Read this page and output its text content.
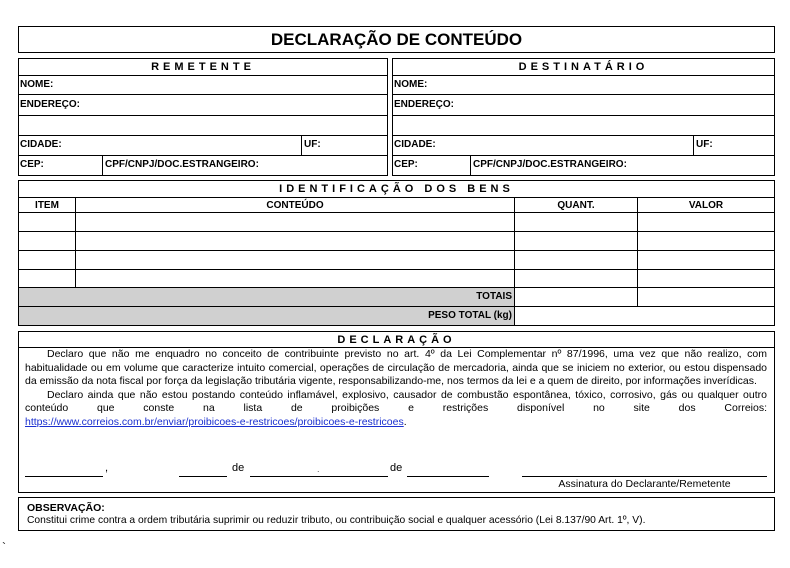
DECLARAÇÃO DE CONTEÚDO
REMETENTE
NOME:
ENDEREÇO:
CIDADE:	UF:
CEP:	CPF/CNPJ/DOC.ESTRANGEIRO:
DESTINATÁRIO
NOME:
ENDEREÇO:
CIDADE:	UF:
CEP:	CPF/CNPJ/DOC.ESTRANGEIRO:
IDENTIFICAÇÃO DOS BENS
ITEM	CONTEÚDO	QUANT.	VALOR
TOTAIS
PESO TOTAL (kg)
DECLARAÇÃO

Declaro que não me enquadro no conceito de contribuinte previsto no art. 4º da Lei Complementar nº 87/1996, uma vez que não realizo, com habitualidade ou em volume que caracterize intuito comercial, operações de circulação de mercadoria, ainda que se iniciem no exterior, ou estou dispensado da emissão da nota fiscal por força da legislação tributária vigente, responsabilizando-me, nos termos da lei e a quem de direito, por informações inverídicas.

Declaro ainda que não estou postando conteúdo inflamável, explosivo, causador de combustão espontânea, tóxico, corrosivo, gás ou qualquer outro conteúdo que conste na lista de proibições e restrições disponível no site dos Correios:

https://www.correios.com.br/enviar/proibicoes-e-restricoes/proibicoes-e-restricoes.

,	de	.	de
Assinatura do Declarante/Remetente
OBSERVAÇÃO:
Constitui crime contra a ordem tributária suprimir ou reduzir tributo, ou contribuição social e qualquer acessório (Lei 8.137/90 Art. 1º, V).
`
